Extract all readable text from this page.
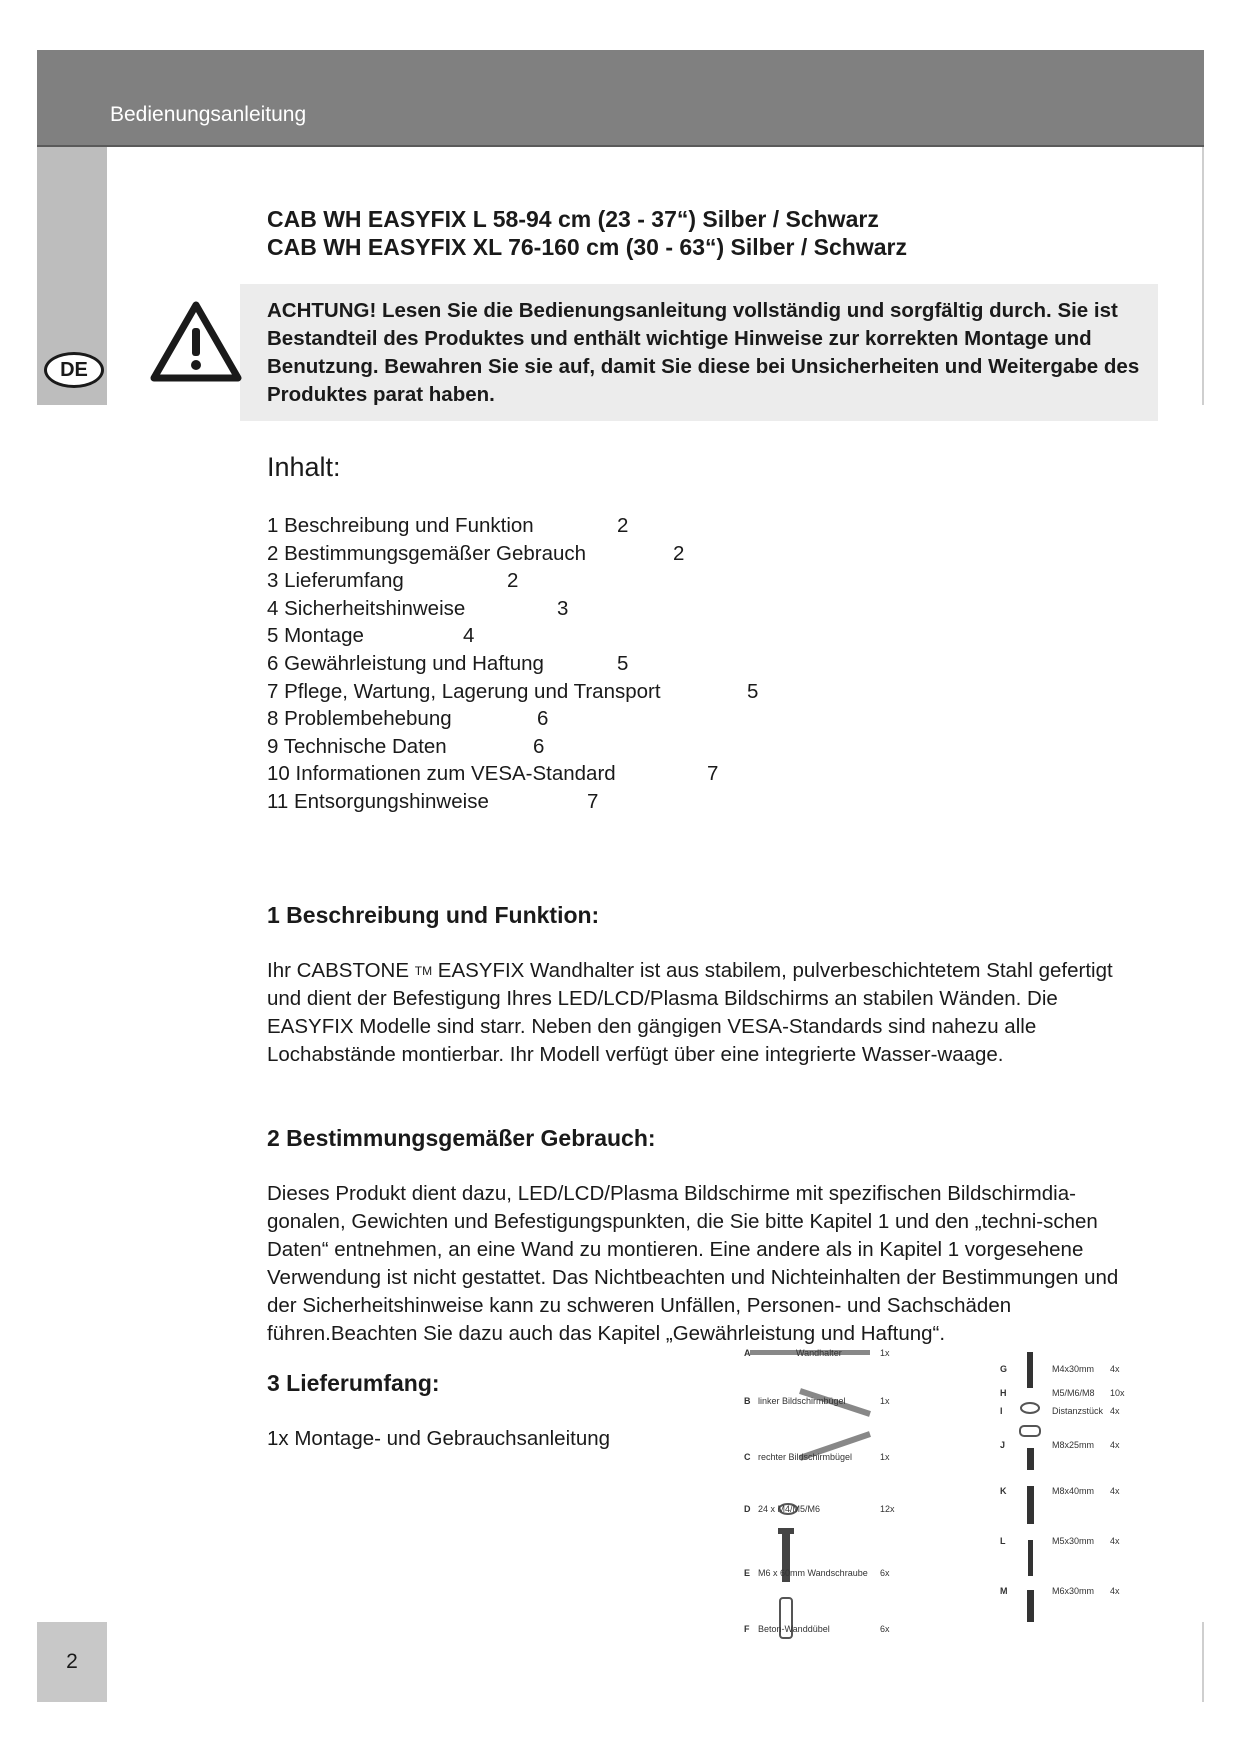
Bedienungsanleitung
DE
2
CAB WH EASYFIX L 58-94 cm (23 - 37“) Silber / Schwarz
CAB WH EASYFIX XL 76-160 cm (30 - 63“) Silber / Schwarz
ACHTUNG! Lesen Sie die Bedienungsanleitung vollständig und sorgfältig durch. Sie ist Bestandteil des Produktes und enthält wichtige Hinweise zur korrekten Montage und Benutzung. Bewahren Sie sie auf, damit Sie diese bei Unsicherheiten und Weitergabe des Produktes parat haben.
Inhalt:
1 Beschreibung und Funktion	2
2 Bestimmungsgemäßer Gebrauch	2
3 Lieferumfang	2
4 Sicherheitshinweise	3
5 Montage	4
6 Gewährleistung und Haftung	5
7 Pflege, Wartung, Lagerung und Transport	5
8 Problembehebung	6
9 Technische Daten	6
10 Informationen zum VESA-Standard	7
11 Entsorgungshinweise	7
1 Beschreibung und Funktion:
Ihr CABSTONE TM EASYFIX Wandhalter ist aus stabilem, pulverbeschichtetem Stahl gefertigt und dient der Befestigung Ihres LED/LCD/Plasma Bildschirms an stabilen Wänden. Die EASYFIX Modelle sind starr. Neben den gängigen VESA-Standards sind nahezu alle Lochabstände montierbar. Ihr Modell verfügt über eine integrierte Wasser-waage.
2 Bestimmungsgemäßer Gebrauch:
Dieses Produkt dient dazu, LED/LCD/Plasma Bildschirme mit spezifischen Bildschirmdia-gonalen, Gewichten und Befestigungspunkten, die Sie bitte Kapitel 1 und den „techni-schen Daten“ entnehmen, an eine Wand zu montieren. Eine andere als in Kapitel 1 vorgesehene Verwendung ist nicht gestattet. Das Nichtbeachten und Nichteinhalten der Bestimmungen und der Sicherheitshinweise kann zu schweren Unfällen, Personen- und Sachschäden führen.Beachten Sie dazu auch das Kapitel „Gewährleistung und Haftung“.
3 Lieferumfang:
1x Montage- und Gebrauchsanleitung
A	Wandhalter	1x
B linker Bildschirmbügel	1x
C rechter Bildschirmbügel	1x
D 24 x M4/M5/M6	12x
E M6 x 60mm Wandschraube 6x
F Beton-Wanddübel	6x
G	M4x30mm 4x
H	M5/M6/M8 10x
I	Distanzstück 4x
J	M8x25mm 4x
K	M8x40mm 4x
L	M5x30mm 4x
M	M6x30mm 4x
